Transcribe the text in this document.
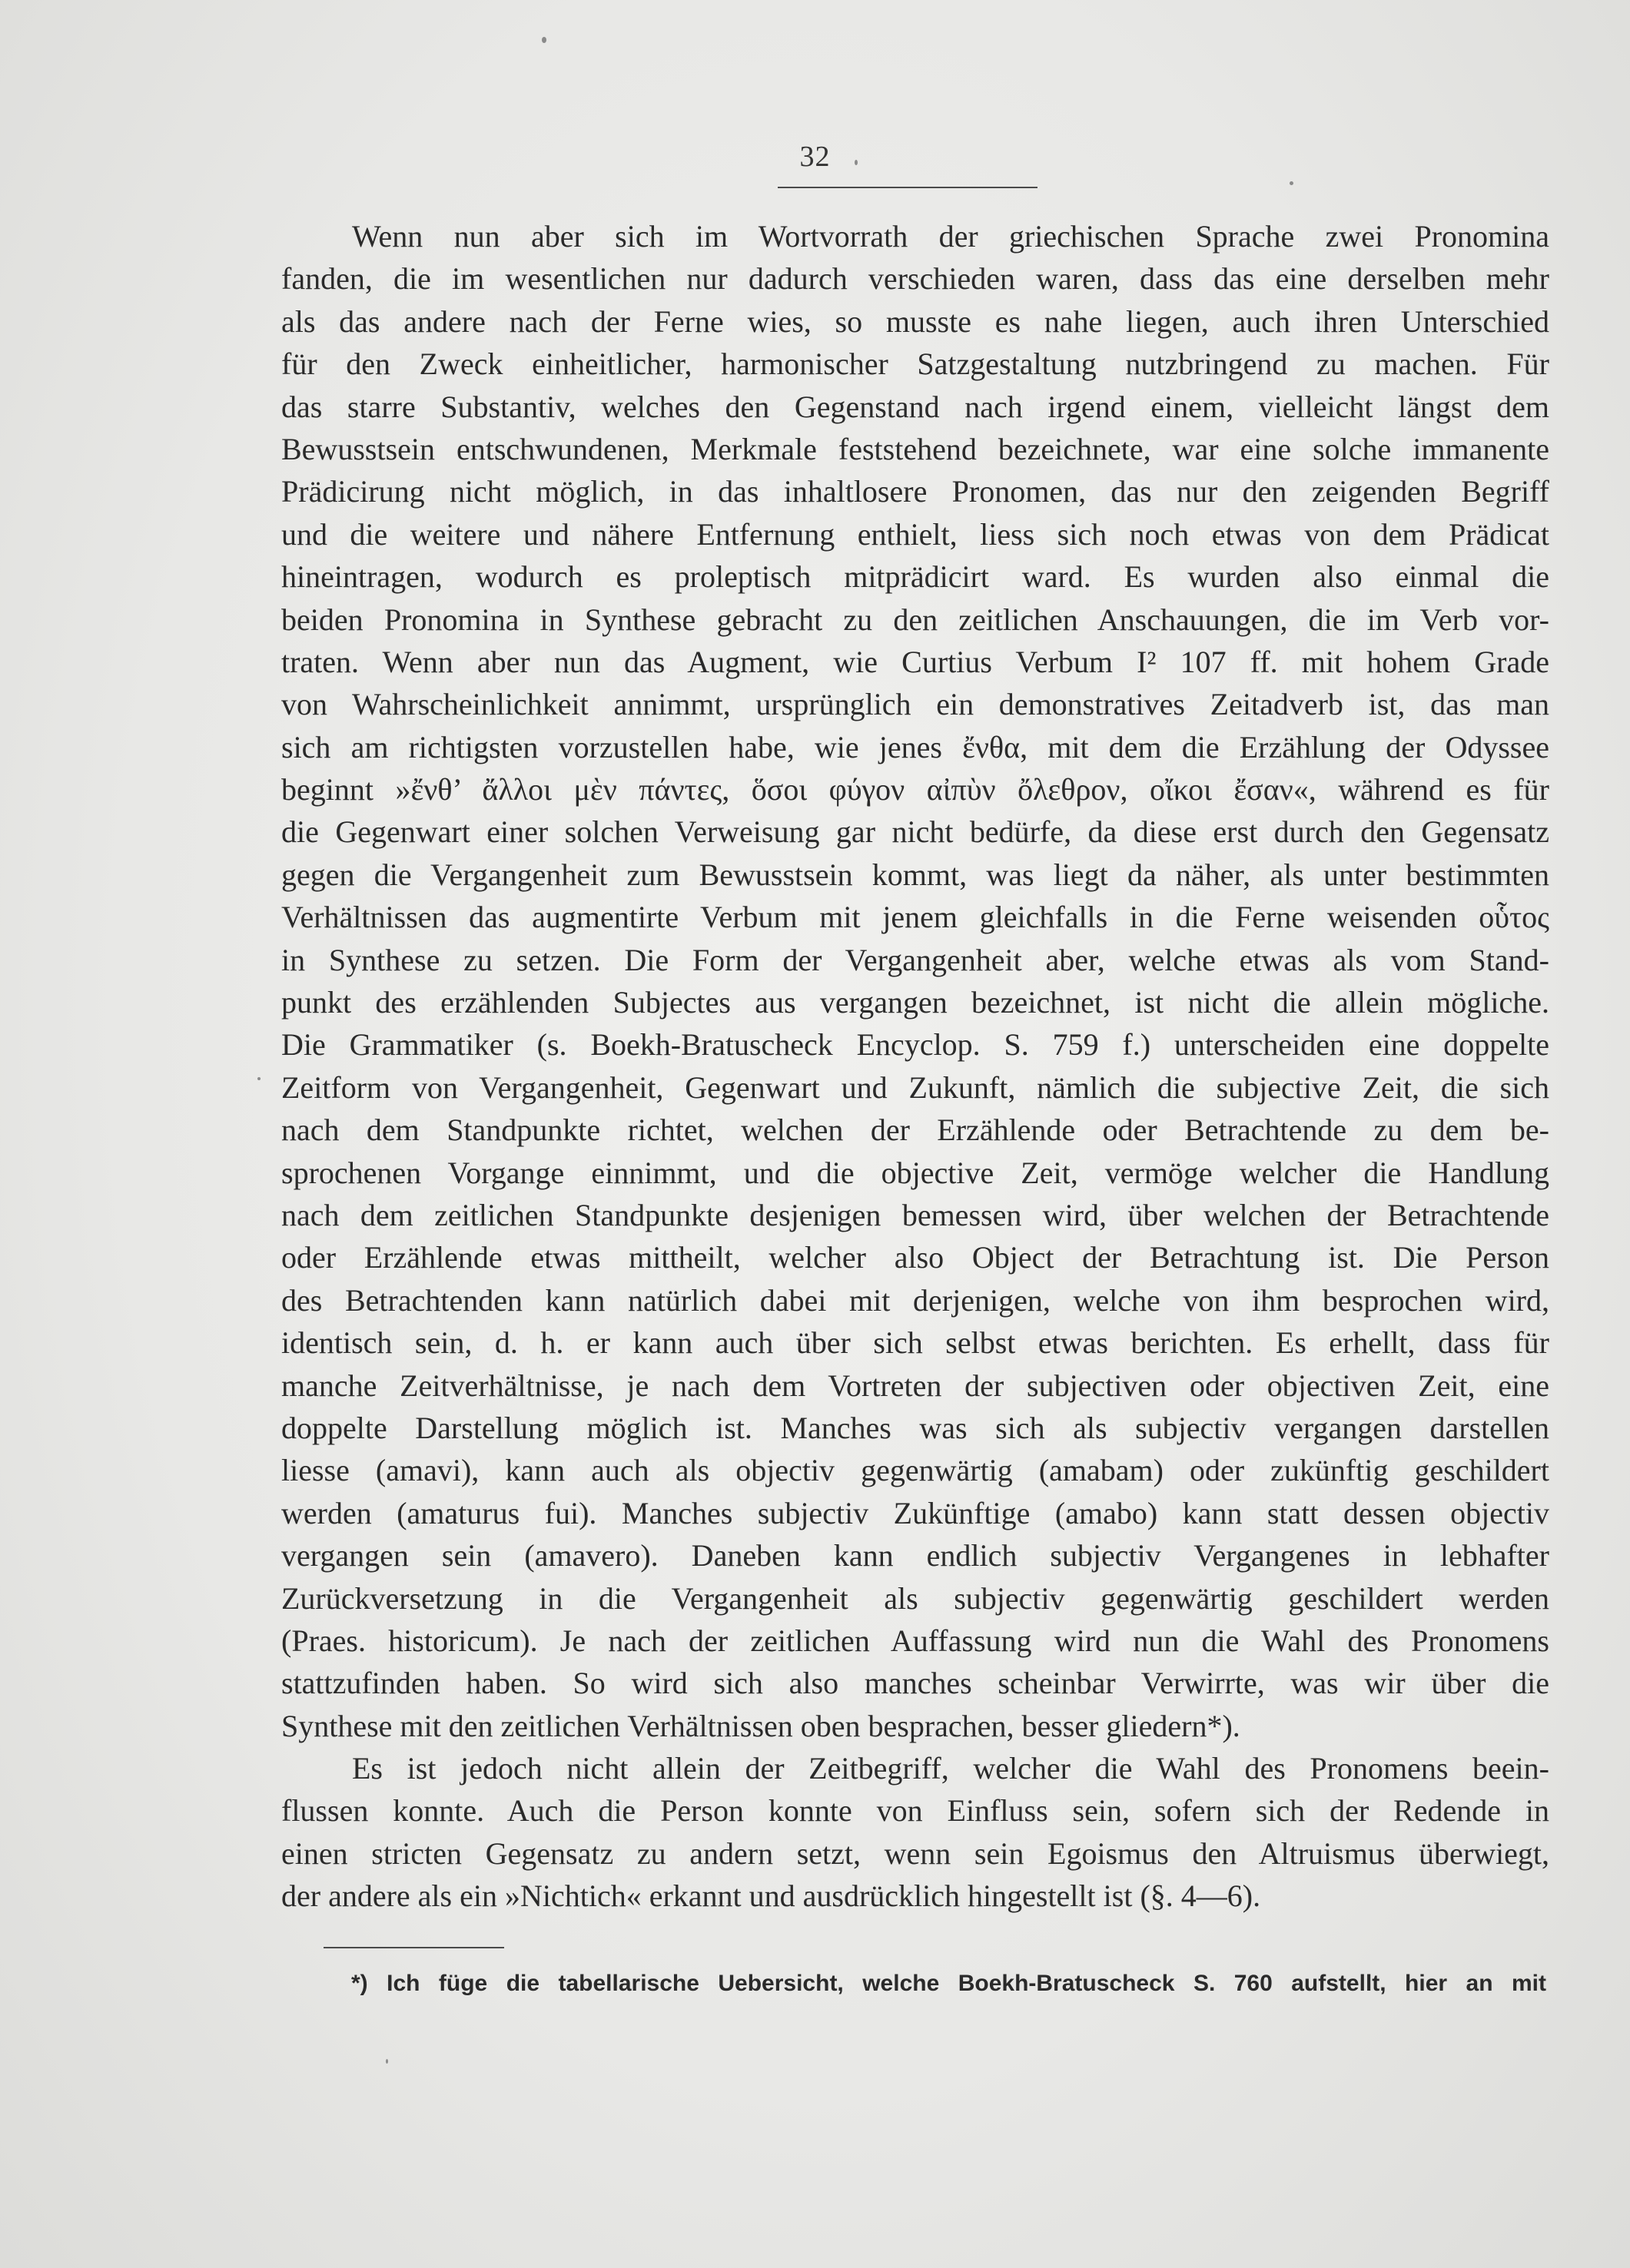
32
Wenn nun aber sich im Wortvorrath der griechischen Sprache zwei Pronomina
fanden, die im wesentlichen nur dadurch verschieden waren, dass das eine derselben mehr
als das andere nach der Ferne wies, so musste es nahe liegen, auch ihren Unterschied
für den Zweck einheitlicher, harmonischer Satzgestaltung nutzbringend zu machen. Für
das starre Substantiv, welches den Gegenstand nach irgend einem, vielleicht längst dem
Bewusstsein entschwundenen, Merkmale feststehend bezeichnete, war eine solche immanente
Prädicirung nicht möglich, in das inhaltlosere Pronomen, das nur den zeigenden Begriff
und die weitere und nähere Entfernung enthielt, liess sich noch etwas von dem Prädicat
hineintragen, wodurch es proleptisch mitprädicirt ward. Es wurden also einmal die
beiden Pronomina in Synthese gebracht zu den zeitlichen Anschauungen, die im Verb vor-
traten. Wenn aber nun das Augment, wie Curtius Verbum I² 107 ff. mit hohem Grade
von Wahrscheinlichkeit annimmt, ursprünglich ein demonstratives Zeitadverb ist, das man
sich am richtigsten vorzustellen habe, wie jenes ἔνθα, mit dem die Erzählung der Odyssee
beginnt »ἔνθ’ ἄλλοι μὲν πάντες, ὅσοι φύγον αἰπὺν ὄλεθρον, οἴκοι ἔσαν«, während es für
die Gegenwart einer solchen Verweisung gar nicht bedürfe, da diese erst durch den Gegensatz
gegen die Vergangenheit zum Bewusstsein kommt, was liegt da näher, als unter bestimmten
Verhältnissen das augmentirte Verbum mit jenem gleichfalls in die Ferne weisenden οὗτος
in Synthese zu setzen. Die Form der Vergangenheit aber, welche etwas als vom Stand-
punkt des erzählenden Subjectes aus vergangen bezeichnet, ist nicht die allein mögliche.
Die Grammatiker (s. Boekh-Bratuscheck Encyclop. S. 759 f.) unterscheiden eine doppelte
Zeitform von Vergangenheit, Gegenwart und Zukunft, nämlich die subjective Zeit, die sich
nach dem Standpunkte richtet, welchen der Erzählende oder Betrachtende zu dem be-
sprochenen Vorgange einnimmt, und die objective Zeit, vermöge welcher die Handlung
nach dem zeitlichen Standpunkte desjenigen bemessen wird, über welchen der Betrachtende
oder Erzählende etwas mittheilt, welcher also Object der Betrachtung ist. Die Person
des Betrachtenden kann natürlich dabei mit derjenigen, welche von ihm besprochen wird,
identisch sein, d. h. er kann auch über sich selbst etwas berichten. Es erhellt, dass für
manche Zeitverhältnisse, je nach dem Vortreten der subjectiven oder objectiven Zeit, eine
doppelte Darstellung möglich ist. Manches was sich als subjectiv vergangen darstellen
liesse (amavi), kann auch als objectiv gegenwärtig (amabam) oder zukünftig geschildert
werden (amaturus fui). Manches subjectiv Zukünftige (amabo) kann statt dessen objectiv
vergangen sein (amavero). Daneben kann endlich subjectiv Vergangenes in lebhafter
Zurückversetzung in die Vergangenheit als subjectiv gegenwärtig geschildert werden
(Praes. historicum). Je nach der zeitlichen Auffassung wird nun die Wahl des Pronomens
stattzufinden haben. So wird sich also manches scheinbar Verwirrte, was wir über die
Synthese mit den zeitlichen Verhältnissen oben besprachen, besser gliedern*).
Es ist jedoch nicht allein der Zeitbegriff, welcher die Wahl des Pronomens beein-
flussen konnte. Auch die Person konnte von Einfluss sein, sofern sich der Redende in
einen stricten Gegensatz zu andern setzt, wenn sein Egoismus den Altruismus überwiegt,
der andere als ein »Nichtich« erkannt und ausdrücklich hingestellt ist (§. 4—6).
*) Ich füge die tabellarische Uebersicht, welche Boekh-Bratuscheck S. 760 aufstellt, hier an mit
